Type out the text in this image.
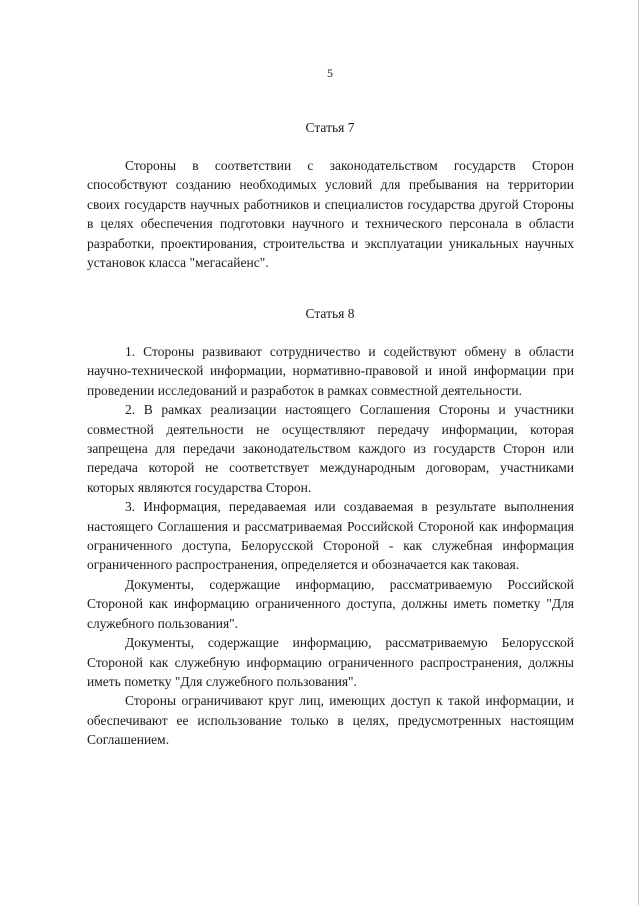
5
Статья 7

Стороны в соответствии с законодательством государств Сторон способствуют созданию необходимых условий для пребывания на территории своих государств научных работников и специалистов государства другой Стороны в целях обеспечения подготовки научного и технического персонала в области разработки, проектирования, строительства и эксплуатации уникальных научных установок класса "мегасайенс".

Статья 8

1. Стороны развивают сотрудничество и содействуют обмену в области научно-технической информации, нормативно-правовой и иной информации при проведении исследований и разработок в рамках совместной деятельности.

2. В рамках реализации настоящего Соглашения Стороны и участники совместной деятельности не осуществляют передачу информации, которая запрещена для передачи законодательством каждого из государств Сторон или передача которой не соответствует международным договорам, участниками которых являются государства Сторон.

3. Информация, передаваемая или создаваемая в результате выполнения настоящего Соглашения и рассматриваемая Российской Стороной как информация ограниченного доступа, Белорусской Стороной - как служебная информация ограниченного распространения, определяется и обозначается как таковая.

Документы, содержащие информацию, рассматриваемую Российской Стороной как информацию ограниченного доступа, должны иметь пометку "Для служебного пользования".

Документы, содержащие информацию, рассматриваемую Белорусской Стороной как служебную информацию ограниченного распространения, должны иметь пометку "Для служебного пользования".

Стороны ограничивают круг лиц, имеющих доступ к такой информации, и обеспечивают ее использование только в целях, предусмотренных настоящим Соглашением.
